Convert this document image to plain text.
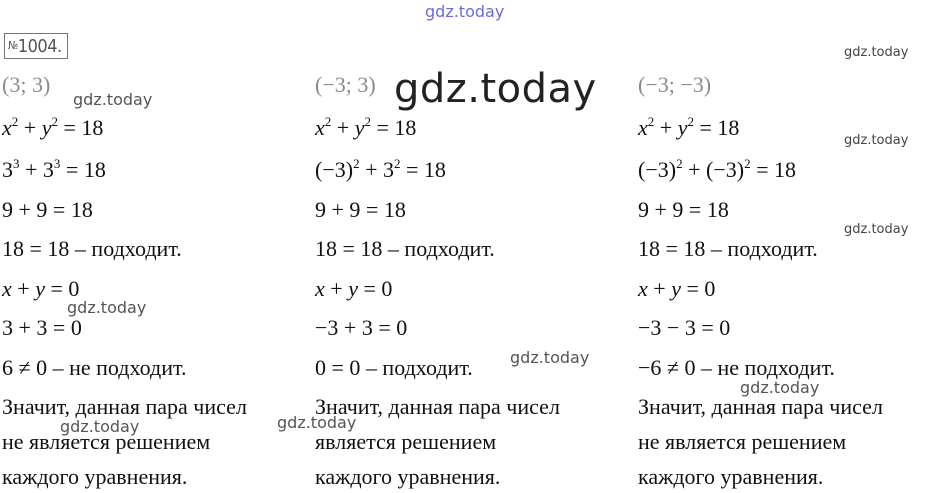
№1004.
(3; 3)
$x^2 + y^2 = 18$
$3^3 + 3^3 = 18$
9 + 9 = 18
18 = 18 – подходит.
x + y = 0
3 + 3 = 0
6 ≠ 0 – не подходит.
Значит, данная пара чисел
не является решением
каждого уравнения.
(−3; 3)
$x^2 + y^2 = 18$
$(-3)^2 + 3^2 = 18$
9 + 9 = 18
18 = 18 – подходит.
x + y = 0
−3 + 3 = 0
0 = 0 – подходит.
Значит, данная пара чисел
является решением
каждого уравнения.
(−3; −3)
$x^2 + y^2 = 18$
$(-3)^2 + (-3)^2 = 18$
9 + 9 = 18
18 = 18 – подходит.
x + y = 0
−3 − 3 = 0
−6 ≠ 0 – не подходит.
Значит, данная пара чисел
не является решением
каждого уравнения.
gdz.today
gdz.today
gdz.today
gdz.today
gdz.today
gdz.today
gdz.today
gdz.today
gdz.today
gdz.today	gdz.today
